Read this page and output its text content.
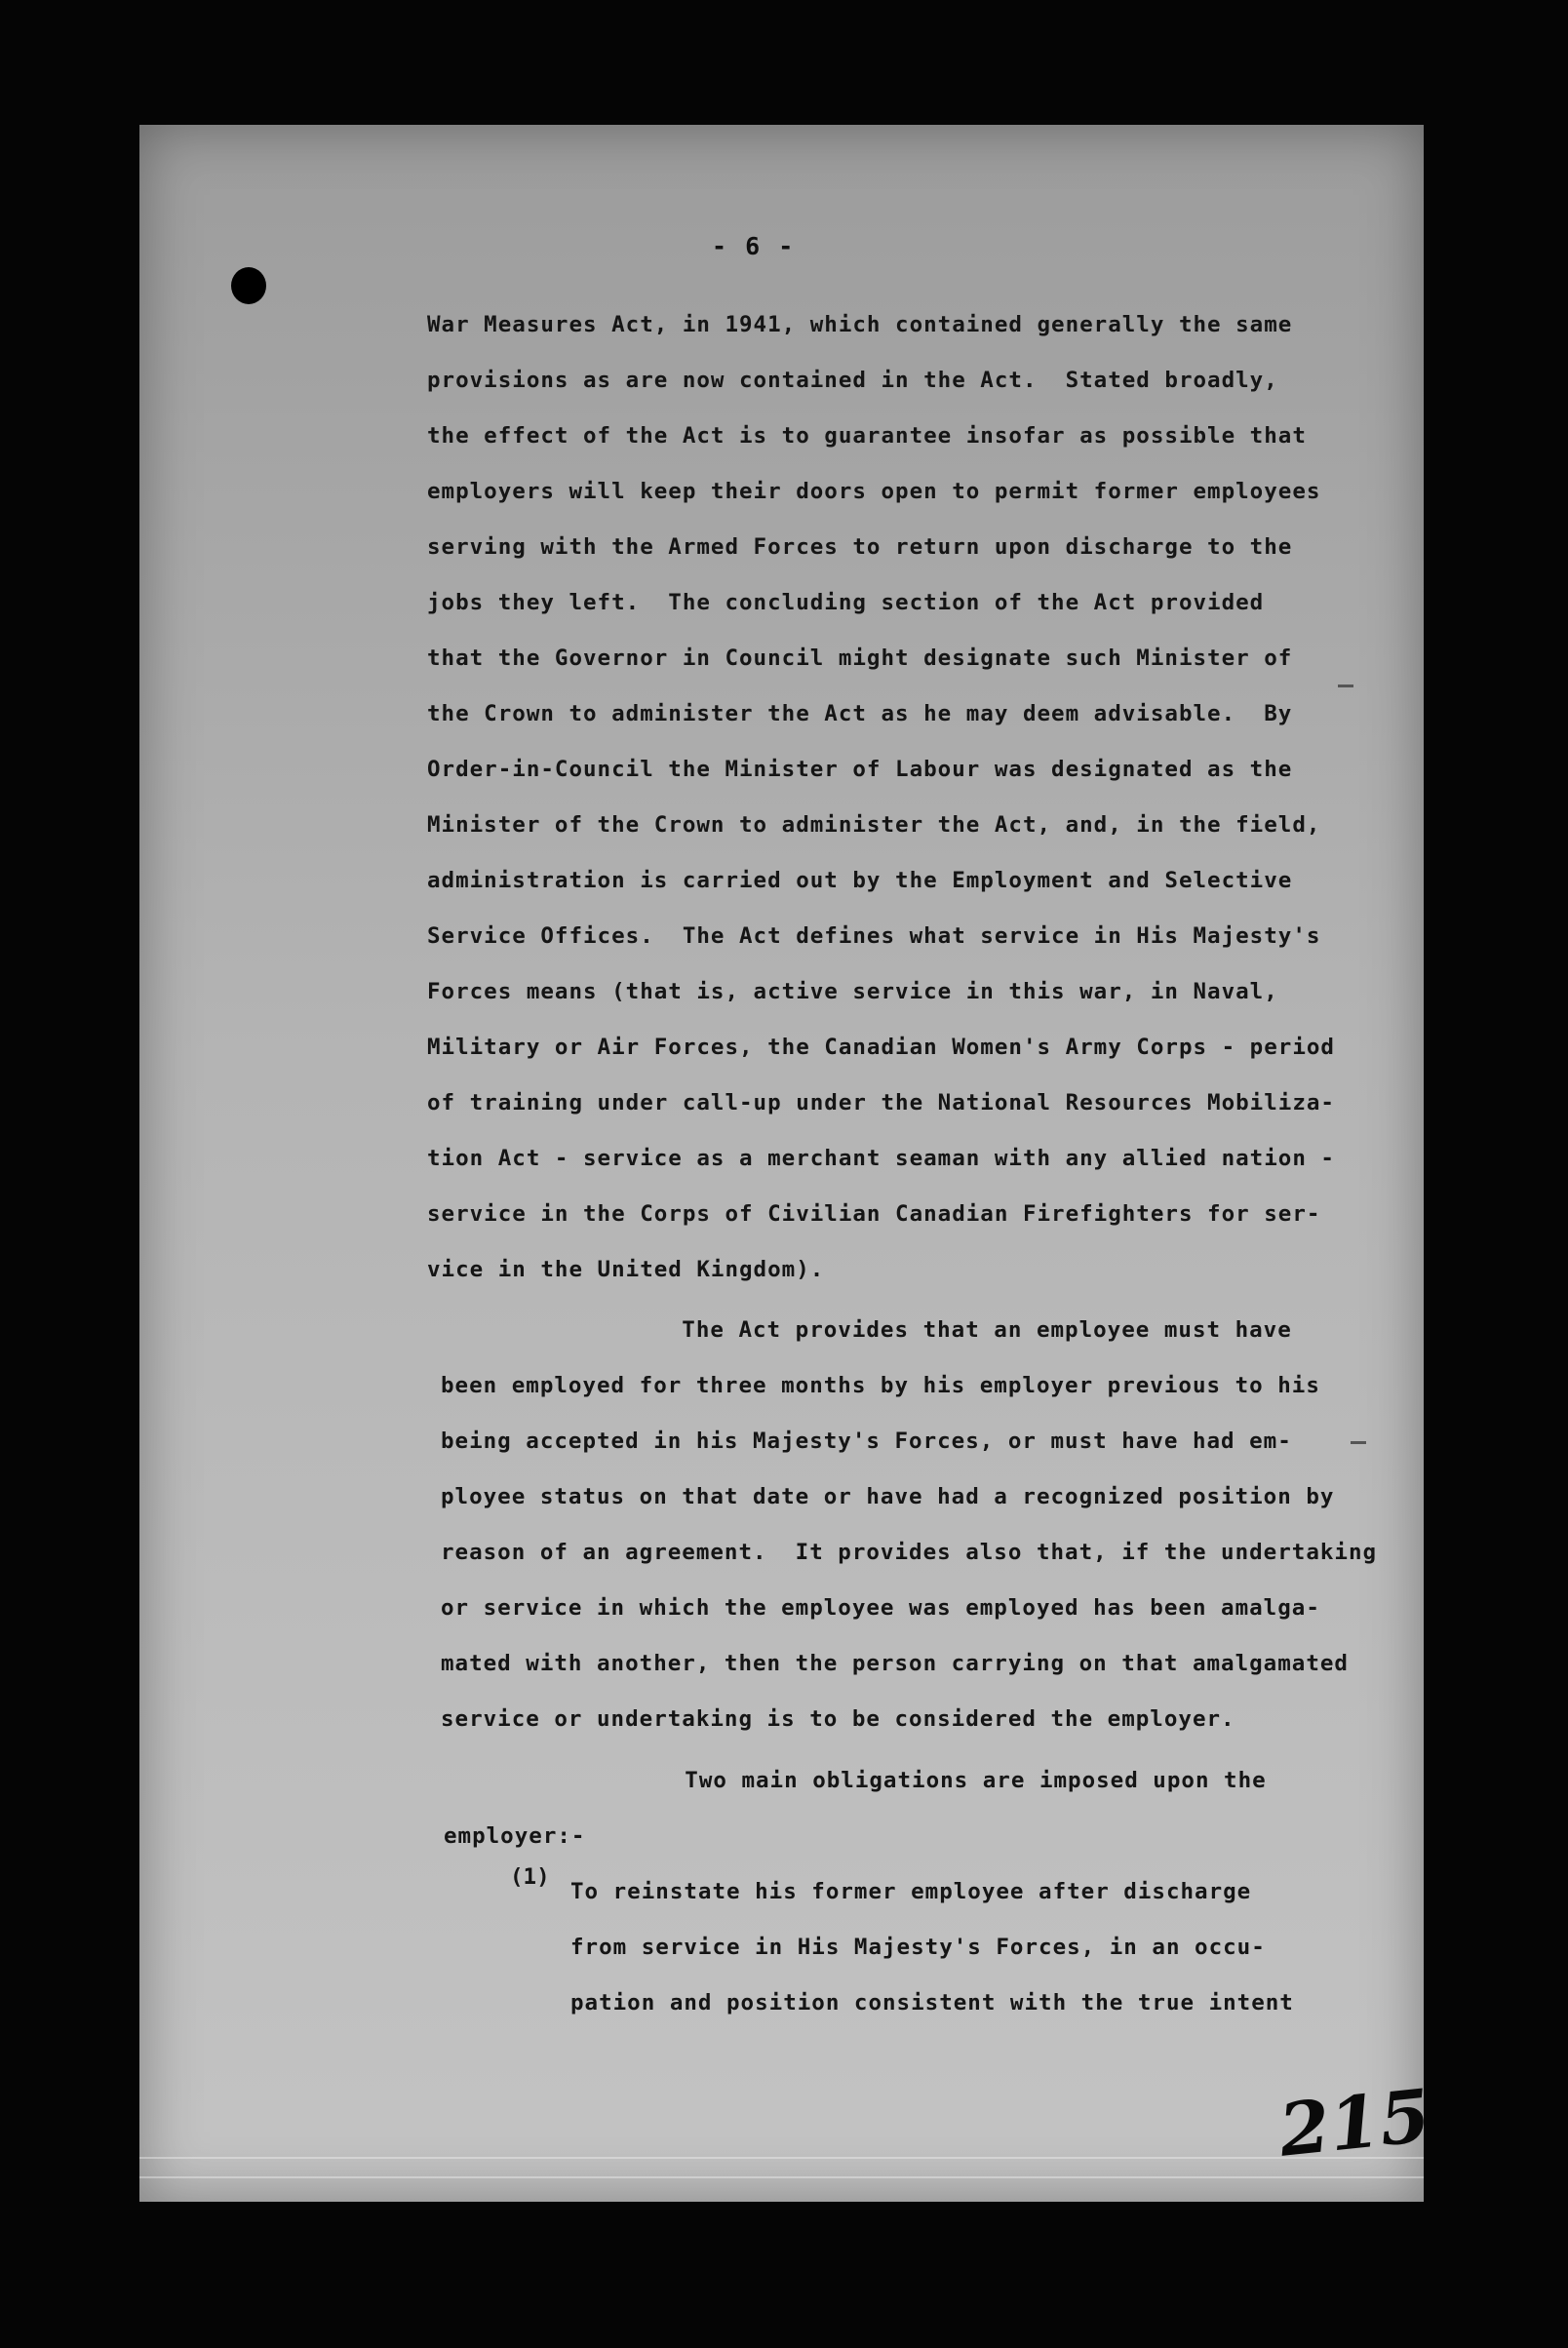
- 6 -
War Measures Act, in 1941, which contained generally the same
provisions as are now contained in the Act.  Stated broadly,
the effect of the Act is to guarantee insofar as possible that
employers will keep their doors open to permit former employees
serving with the Armed Forces to return upon discharge to the
jobs they left.  The concluding section of the Act provided
that the Governor in Council might designate such Minister of
the Crown to administer the Act as he may deem advisable.  By
Order-in-Council the Minister of Labour was designated as the
Minister of the Crown to administer the Act, and, in the field,
administration is carried out by the Employment and Selective
Service Offices.  The Act defines what service in His Majesty's
Forces means (that is, active service in this war, in Naval,
Military or Air Forces, the Canadian Women's Army Corps - period
of training under call-up under the National Resources Mobiliza-
tion Act - service as a merchant seaman with any allied nation -
service in the Corps of Civilian Canadian Firefighters for ser-
vice in the United Kingdom).
The Act provides that an employee must have
been employed for three months by his employer previous to his
being accepted in his Majesty's Forces, or must have had em-
ployee status on that date or have had a recognized position by
reason of an agreement.  It provides also that, if the undertaking
or service in which the employee was employed has been amalga-
mated with another, then the person carrying on that amalgamated
service or undertaking is to be considered the employer.
Two main obligations are imposed upon the
employer:-
(1)
To reinstate his former employee after discharge
from service in His Majesty's Forces, in an occu-
pation and position consistent with the true intent
215
